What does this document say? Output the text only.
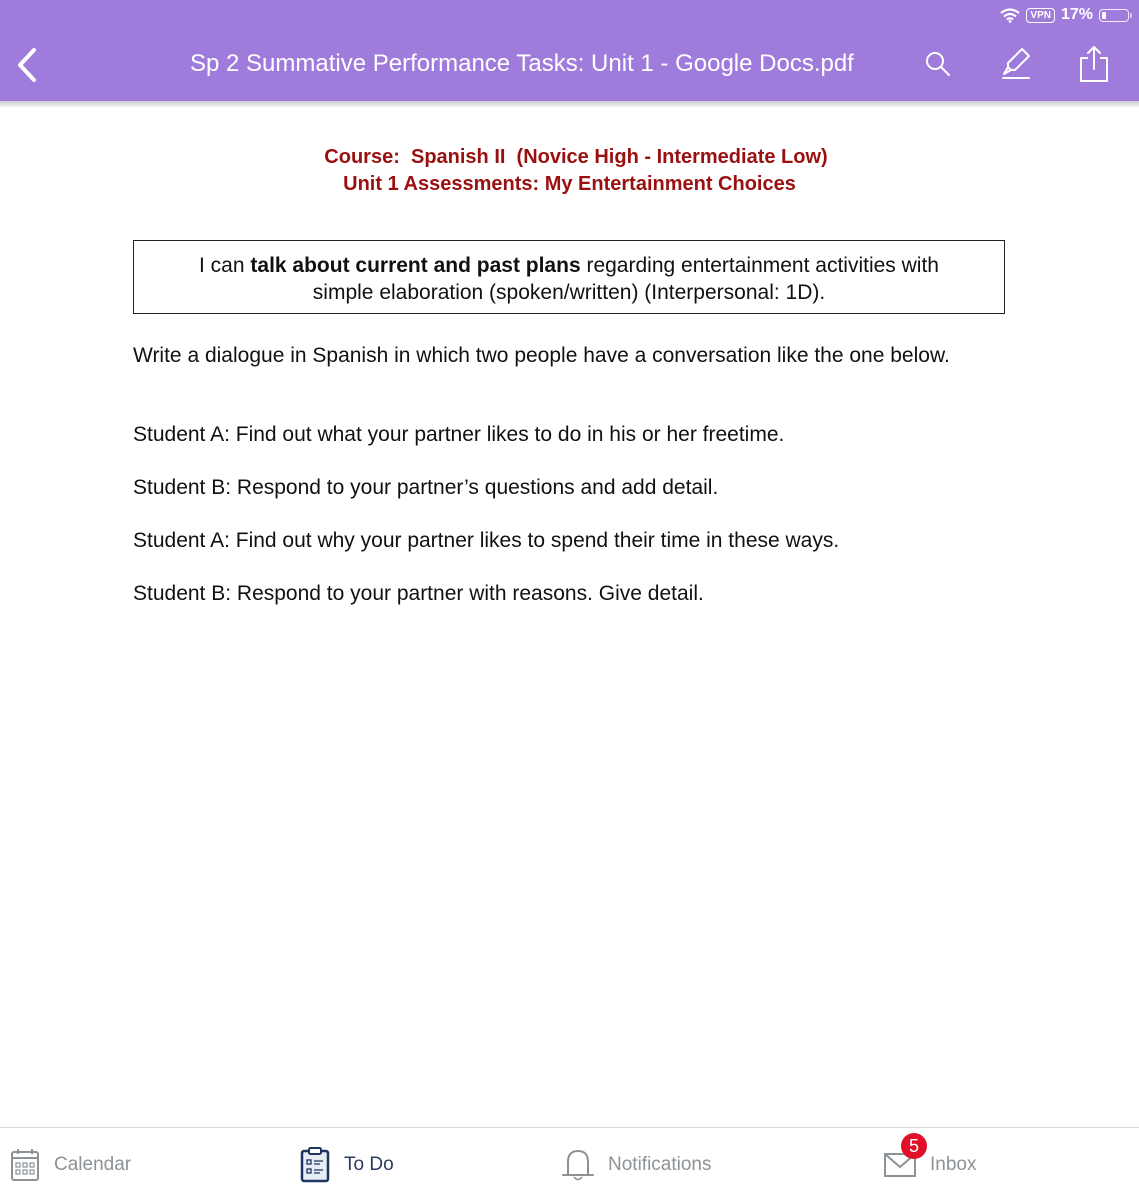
VPN 17%
Sp 2 Summative Performance Tasks: Unit 1 - Google Docs.pdf
Course:  Spanish II  (Novice High - Intermediate Low)
Unit 1 Assessments: My Entertainment Choices
I can talk about current and past plans regarding entertainment activities with
simple elaboration (spoken/written) (Interpersonal: 1D).
Write a dialogue in Spanish in which two people have a conversation like the one below.
Student A: Find out what your partner likes to do in his or her freetime.
Student B: Respond to your partner’s questions and add detail.
Student A: Find out why your partner likes to spend their time in these ways.
Student B: Respond to your partner with reasons. Give detail.
Calendar	To Do	Notifications	Inbox
5
